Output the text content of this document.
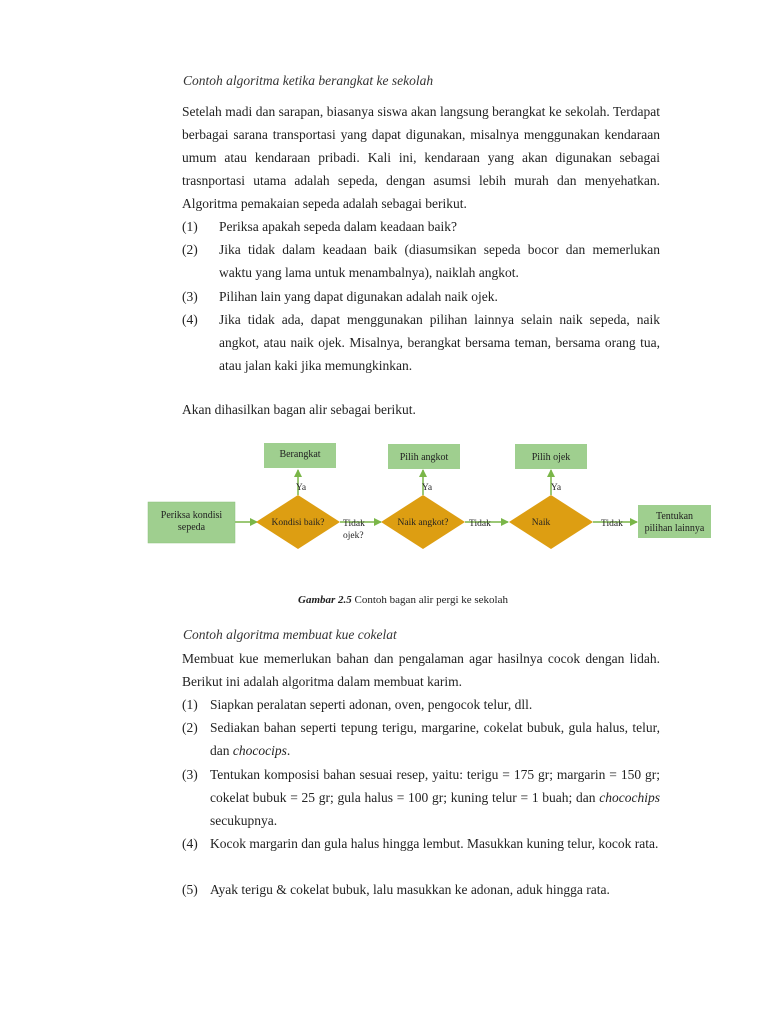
Contoh algoritma ketika berangkat ke sekolah

Setelah madi dan sarapan, biasanya siswa akan langsung berangkat ke sekolah. Terdapat berbagai sarana transportasi yang dapat digunakan, misalnya menggunakan kendaraan umum atau kendaraan pribadi. Kali ini, kendaraan yang akan digunakan sebagai trasnportasi utama adalah sepeda, dengan asumsi lebih murah dan menyehatkan. Algoritma pemakaian sepeda adalah sebagai berikut.

(1) Periksa apakah sepeda dalam keadaan baik?
(2) Jika tidak dalam keadaan baik (diasumsikan sepeda bocor dan memerlukan waktu yang lama untuk menambalnya), naiklah angkot.
(3) Pilihan lain yang dapat digunakan adalah naik ojek.
(4) Jika tidak ada, dapat menggunakan pilihan lainnya selain naik sepeda, naik angkot, atau naik ojek. Misalnya, berangkat bersama teman, bersama orang tua, atau jalan kaki jika memungkinkan.

Akan dihasilkan bagan alir sebagai berikut.

Periksa kondisi
sepeda	Kondisi baik?	Naik angkot?	Naik
Berangkat	Pilih angkot	Pilih ojek
Tentukan
pilihan lainnya
Ya	Ya	Ya
Tidak
ojek?
Tidak	Tidak
Gambar 2.5 Contoh bagan alir pergi ke sekolah

Contoh algoritma membuat kue cokelat

Membuat kue memerlukan bahan dan pengalaman agar hasilnya cocok dengan lidah. Berikut ini adalah algoritma dalam membuat karim.

(1) Siapkan peralatan seperti adonan, oven, pengocok telur, dll.
(2) Sediakan bahan seperti tepung terigu, margarine, cokelat bubuk, gula halus, telur, dan chococips.
(3) Tentukan komposisi bahan sesuai resep, yaitu: terigu = 175 gr; margarin = 150 gr; cokelat bubuk = 25 gr; gula halus = 100 gr; kuning telur = 1 buah; dan chocochips secukupnya.
(4) Kocok margarin dan gula halus hingga lembut. Masukkan kuning telur, kocok rata.
(5) Ayak terigu & cokelat bubuk, lalu masukkan ke adonan, aduk hingga rata.
